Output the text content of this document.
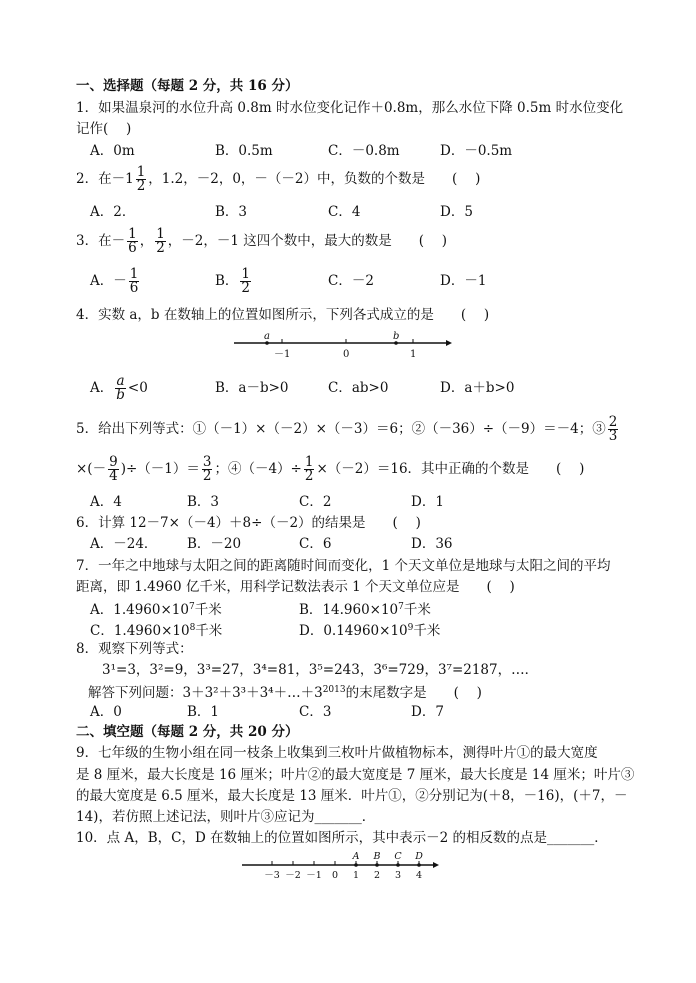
一、选择题（每题 2 分，共 16 分）
1．如果温泉河的水位升高 0.8m 时水位变化记作＋0.8m，那么水位下降 0.5m 时水位变化
记作(　 )
A．0m	B．0.5m	C．－0.8m	D．－0.5m
2．在$-1 \frac{1}{2}$ ，1.2，－2，0，－（－2）中，负数的个数是　　(　 )
A．2．	B．3	C．4	D．5
3．在－ $\frac{1}{6}$ ， $\frac{1}{2}$ ，－2，－1 这四个数中，最大的数是　　(　 )
A．－ $\frac{1}{6}$	B． $\frac{1}{2}$	C．－2	D．－1
4．实数 a，b 在数轴上的位置如图所示，下列各式成立的是　　(　 )
a	b
－1	0	1
A． $\frac{a}{b} <0$	B．a－b>0	C．ab>0	D．a＋b>0
5．给出下列等式：①（－1）×（－2）×（－3）＝6；②（－36）÷（－9）＝－4；③ $\frac{2}{3}$
×(－ $\frac{9}{4} )\div(-1)= \frac{3}{2}$ ；④（－4）÷ $\frac{1}{2} \times(-2)=16$．其中正确的个数是　　(　 )
A．4	B．3	C．2	D．1
6．计算 12－7×（－4）＋8÷（－2）的结果是　　(　 )
A．－24． B．－20	C．6	D．36
7．一年之中地球与太阳之间的距离随时间而变化，1 个天文单位是地球与太阳之间的平均
距离，即 1.4960 亿千米，用科学记数法表示 1 个天文单位应是　　(　 )
A．$1.4960\times 10^7$千米	B．$14.960\times 10^7$千米
C．$1.4960\times 10^8$千米	D．$0.14960\times 10^9$千米
8．观察下列等式：
3¹=3，3²=9，3³=27，3⁴=81，3⁵=243，3⁶=729，3⁷=2187，…．
解答下列问题：$3+3^2+3^3+3^4+\dots+3^{2013}$的末尾数字是　　(　 )
A．0	B．1	C．3	D．7
二、填空题（每题 2 分，共 20 分）
9．七年级的生物小组在同一枝条上收集到三枚叶片做植物标本，测得叶片①的最大宽度
是 8 厘米，最大长度是 16 厘米；叶片②的最大宽度是 7 厘米，最大长度是 14 厘米；叶片③
的最大宽度是 6.5 厘米，最大长度是 13 厘米．叶片①，②分别记为(＋8，－16)，(＋7，－
14)，若仿照上述记法，则叶片③应记为_______．
10．点 A，B，C，D 在数轴上的位置如图所示，其中表示－2 的相反数的点是_______．
－3 －2 －1 0 1 2 3 4
A B C D
